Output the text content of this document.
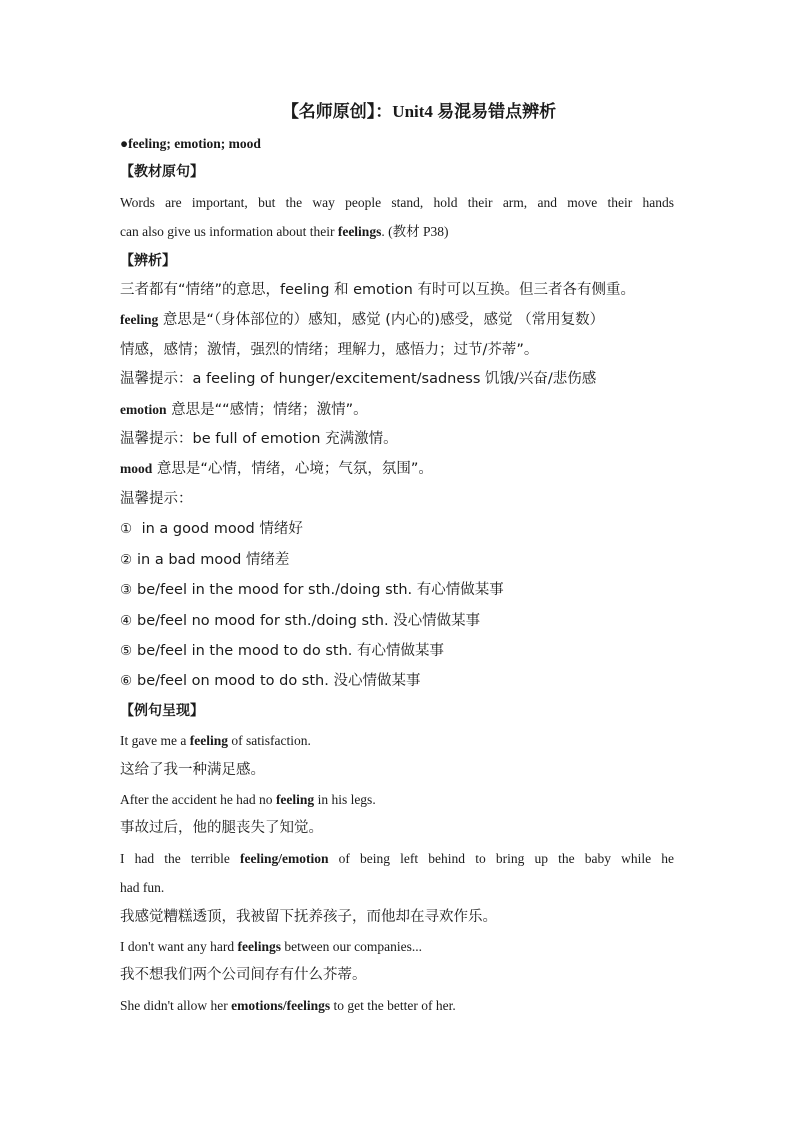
【名师原创】：Unit4 易混易错点辨析
●feeling; emotion; mood
【教材原句】
Words are important, but the way people stand, hold their arm, and move their hands
can also give us information about their feelings. (教材 P38)
【辨析】
三者都有“情绪”的意思，feeling 和 emotion 有时可以互换。但三者各有侧重。
feeling 意思是“（身体部位的）感知，感觉 (内心的)感受，感觉 （常用复数）
情感，感情；激情，强烈的情绪；理解力，感悟力；过节/芥蒂”。
温馨提示：a feeling of hunger/excitement/sadness 饥饿/兴奋/悲伤感
emotion 意思是““感情；情绪；激情”。
温馨提示：be full of emotion 充满激情。
mood 意思是“心情，情绪，心境；气氛，氛围”。
温馨提示：
① in a good mood 情绪好
② in a bad mood 情绪差
③ be/feel in the mood for sth./doing sth. 有心情做某事
④ be/feel no mood for sth./doing sth. 没心情做某事
⑤ be/feel in the mood to do sth. 有心情做某事
⑥ be/feel on mood to do sth. 没心情做某事
【例句呈现】
It gave me a feeling of satisfaction.
这给了我一种满足感。
After the accident he had no feeling in his legs.
事故过后，他的腿丧失了知觉。
I had the terrible feeling/emotion of being left behind to bring up the baby while he
had fun.
我感觉糟糕透顶，我被留下抚养孩子，而他却在寻欢作乐。
I don't want any hard feelings between our companies...
我不想我们两个公司间存有什么芥蒂。
She didn't allow her emotions/feelings to get the better of her.
